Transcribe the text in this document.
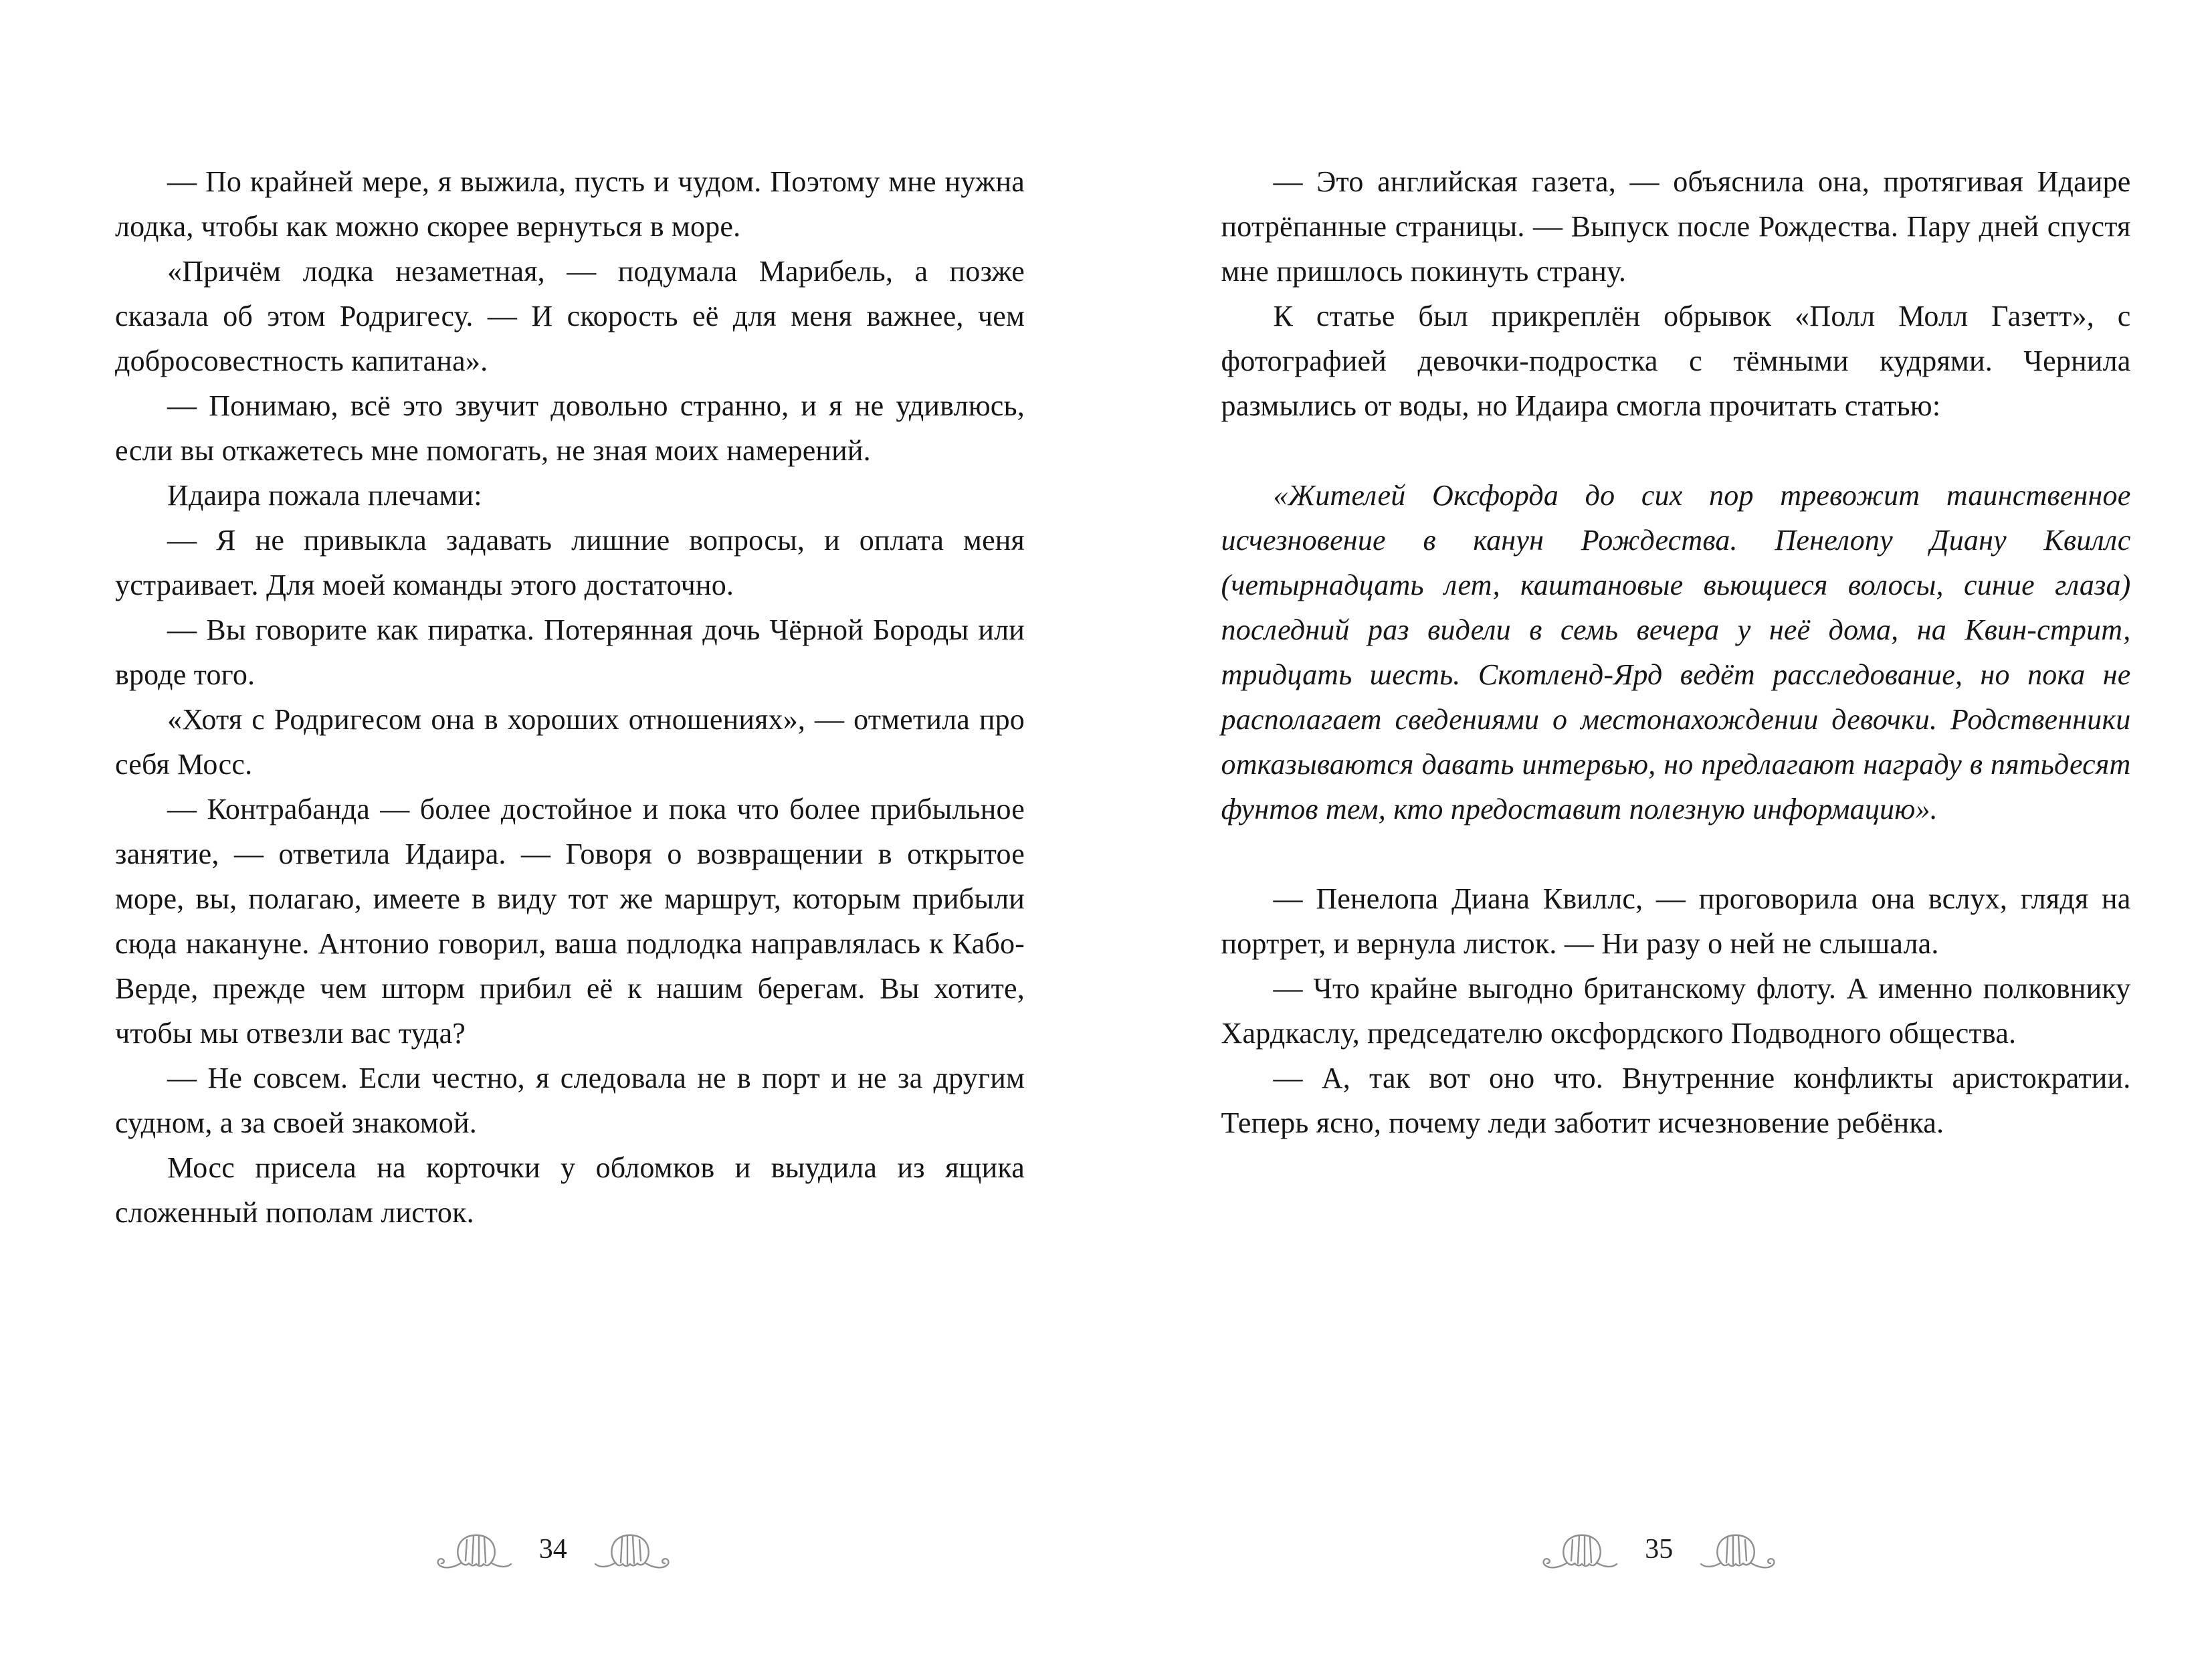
— По крайней мере, я выжила, пусть и чудом. Поэтому мне нужна лодка, чтобы как можно скорее вернуться в море.

«Причём лодка незаметная, — подумала Марибель, а позже сказала об этом Родригесу. — И скорость её для меня важнее, чем добросовестность капитана».

— Понимаю, всё это звучит довольно странно, и я не удивлюсь, если вы откажетесь мне помогать, не зная моих намерений.

Идаира пожала плечами:

— Я не привыкла задавать лишние вопросы, и оплата меня устраивает. Для моей команды этого достаточно.

— Вы говорите как пиратка. Потерянная дочь Чёрной Бороды или вроде того.

«Хотя с Родригесом она в хороших отношениях», — отметила про себя Мосс.

— Контрабанда — более достойное и пока что более прибыльное занятие, — ответила Идаира. — Говоря о возвращении в открытое море, вы, полагаю, имеете в виду тот же маршрут, которым прибыли сюда накануне. Антонио говорил, ваша подлодка направлялась к Кабо-Верде, прежде чем шторм прибил её к нашим берегам. Вы хотите, чтобы мы отвезли вас туда?

— Не совсем. Если честно, я следовала не в порт и не за другим судном, а за своей знакомой.

Мосс присела на корточки у обломков и выудила из ящика сложенный пополам листок.

34

— Это английская газета, — объяснила она, протягивая Идаире потрёпанные страницы. — Выпуск после Рождества. Пару дней спустя мне пришлось покинуть страну.

К статье был прикреплён обрывок «Полл Молл Газетт», с фотографией девочки-подростка с тёмными кудрями. Чернила размылись от воды, но Идаира смогла прочитать статью:

«Жителей Оксфорда до сих пор тревожит таинственное исчезновение в канун Рождества. Пенелопу Диану Квиллс (четырнадцать лет, каштановые вьющиеся волосы, синие глаза) последний раз видели в семь вечера у неё дома, на Квин-стрит, тридцать шесть. Скотленд-Ярд ведёт расследование, но пока не располагает сведениями о местонахождении девочки. Родственники отказываются давать интервью, но предлагают награду в пятьдесят фунтов тем, кто предоставит полезную информацию».

— Пенелопа Диана Квиллс, — проговорила она вслух, глядя на портрет, и вернула листок. — Ни разу о ней не слышала.

— Что крайне выгодно британскому флоту. А именно полковнику Хардкаслу, председателю оксфордского Подводного общества.

— А, так вот оно что. Внутренние конфликты аристократии. Теперь ясно, почему леди заботит исчезновение ребёнка.

35
